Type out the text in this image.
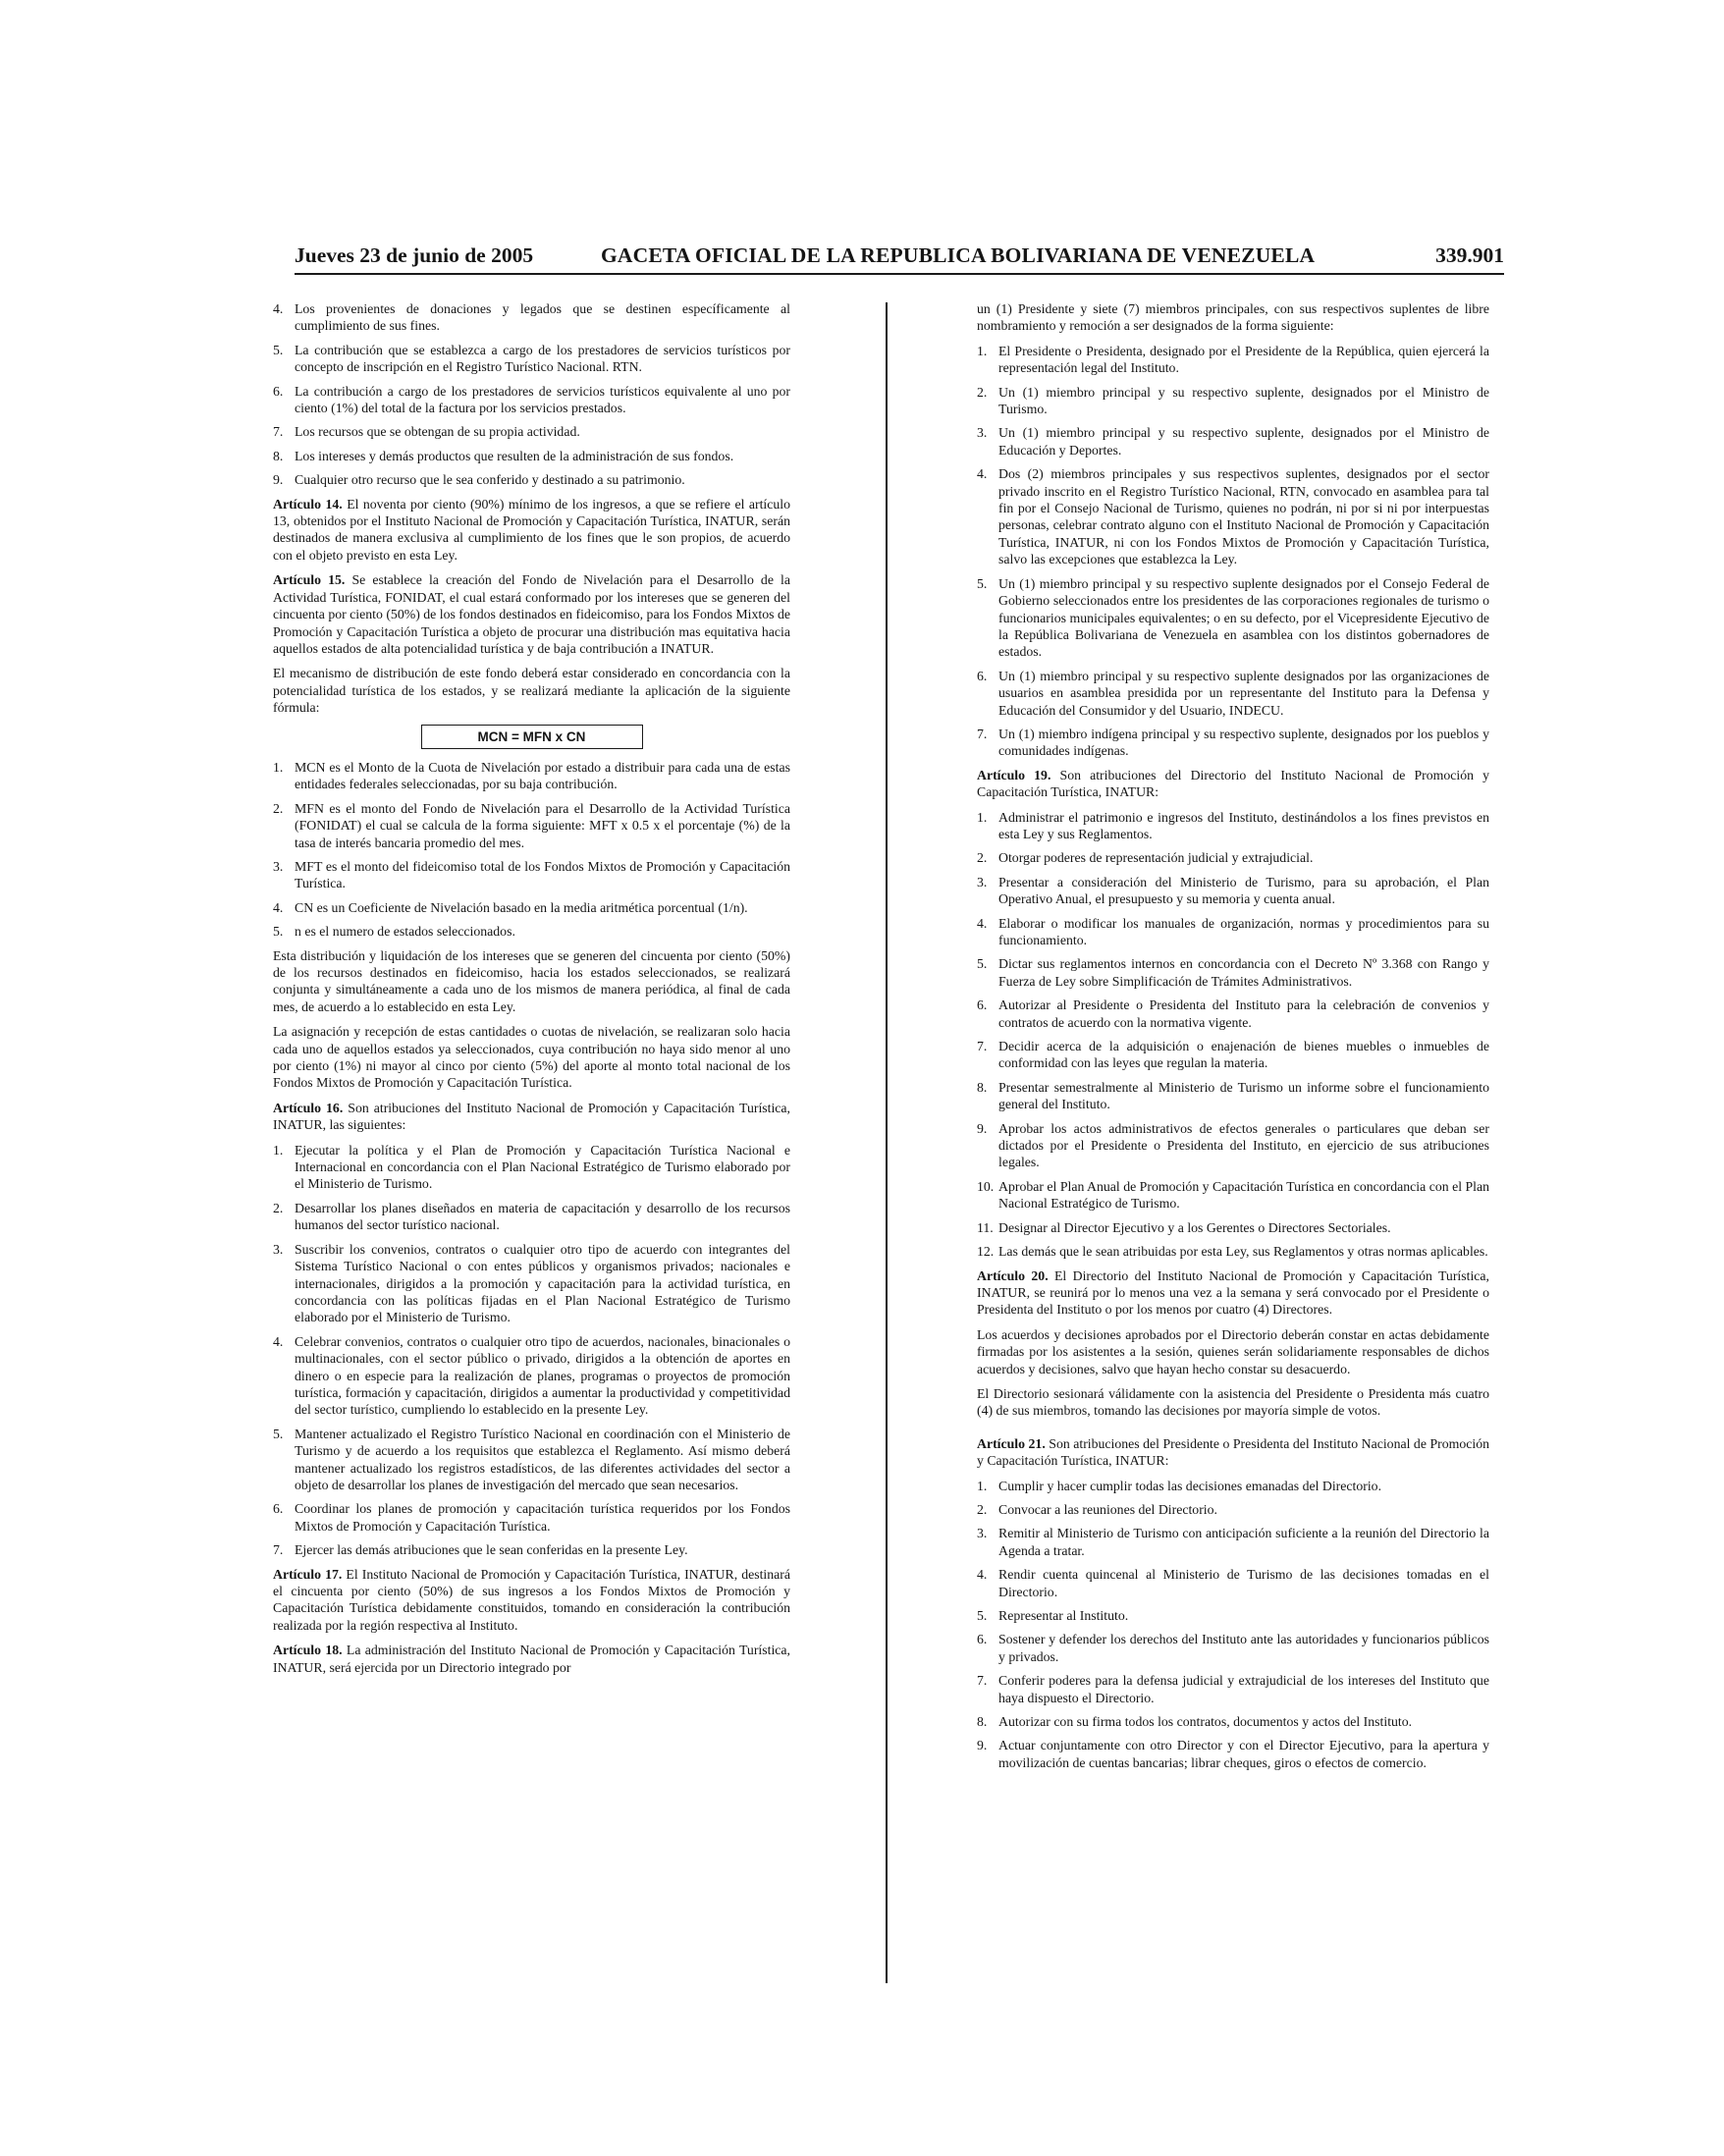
Jueves 23 de junio de 2005	GACETA OFICIAL DE LA REPUBLICA BOLIVARIANA DE VENEZUELA	339.901
4. Los provenientes de donaciones y legados que se destinen específicamente al cumplimiento de sus fines.
5. La contribución que se establezca a cargo de los prestadores de servicios turísticos por concepto de inscripción en el Registro Turístico Nacional. RTN.
6. La contribución a cargo de los prestadores de servicios turísticos equivalente al uno por ciento (1%) del total de la factura por los servicios prestados.
7. Los recursos que se obtengan de su propia actividad.
8. Los intereses y demás productos que resulten de la administración de sus fondos.
9. Cualquier otro recurso que le sea conferido y destinado a su patrimonio.

Artículo 14. El noventa por ciento (90%) mínimo de los ingresos, a que se refiere el artículo 13, obtenidos por el Instituto Nacional de Promoción y Capacitación Turística, INATUR, serán destinados de manera exclusiva al cumplimiento de los fines que le son propios, de acuerdo con el objeto previsto en esta Ley.

Artículo 15. Se establece la creación del Fondo de Nivelación para el Desarrollo de la Actividad Turística, FONIDAT, el cual estará conformado por los intereses que se generen del cincuenta por ciento (50%) de los fondos destinados en fideicomiso, para los Fondos Mixtos de Promoción y Capacitación Turística a objeto de procurar una distribución mas equitativa hacia aquellos estados de alta potencialidad turística y de baja contribución a INATUR.

El mecanismo de distribución de este fondo deberá estar considerado en concordancia con la potencialidad turística de los estados, y se realizará mediante la aplicación de la siguiente fórmula:

MCN = MFN x CN
1. MCN es el Monto de la Cuota de Nivelación por estado a distribuir para cada una de estas entidades federales seleccionadas, por su baja contribución.
2. MFN es el monto del Fondo de Nivelación para el Desarrollo de la Actividad Turística (FONIDAT) el cual se calcula de la forma siguiente: MFT x 0.5 x el porcentaje (%) de la tasa de interés bancaria promedio del mes.
3. MFT es el monto del fideicomiso total de los Fondos Mixtos de Promoción y Capacitación Turística.
4. CN es un Coeficiente de Nivelación basado en la media aritmética porcentual (1/n).
5. n es el numero de estados seleccionados.

Esta distribución y liquidación de los intereses que se generen del cincuenta por ciento (50%) de los recursos destinados en fideicomiso, hacia los estados seleccionados, se realizará conjunta y simultáneamente a cada uno de los mismos de manera periódica, al final de cada mes, de acuerdo a lo establecido en esta Ley.

La asignación y recepción de estas cantidades o cuotas de nivelación, se realizaran solo hacia cada uno de aquellos estados ya seleccionados, cuya contribución no haya sido menor al uno por ciento (1%) ni mayor al cinco por ciento (5%) del aporte al monto total nacional de los Fondos Mixtos de Promoción y Capacitación Turística.

Artículo 16. Son atribuciones del Instituto Nacional de Promoción y Capacitación Turística, INATUR, las siguientes:

1. Ejecutar la política y el Plan de Promoción y Capacitación Turística Nacional e Internacional en concordancia con el Plan Nacional Estratégico de Turismo elaborado por el Ministerio de Turismo.
2. Desarrollar los planes diseñados en materia de capacitación y desarrollo de los recursos humanos del sector turístico nacional.
3. Suscribir los convenios, contratos o cualquier otro tipo de acuerdo con integrantes del Sistema Turístico Nacional o con entes públicos y organismos privados; nacionales e internacionales, dirigidos a la promoción y capacitación para la actividad turística, en concordancia con las políticas fijadas en el Plan Nacional Estratégico de Turismo elaborado por el Ministerio de Turismo.
4. Celebrar convenios, contratos o cualquier otro tipo de acuerdos, nacionales, binacionales o multinacionales, con el sector público o privado, dirigidos a la obtención de aportes en dinero o en especie para la realización de planes, programas o proyectos de promoción turística, formación y capacitación, dirigidos a aumentar la productividad y competitividad del sector turístico, cumpliendo lo establecido en la presente Ley.
5. Mantener actualizado el Registro Turístico Nacional en coordinación con el Ministerio de Turismo y de acuerdo a los requisitos que establezca el Reglamento. Así mismo deberá mantener actualizado los registros estadísticos, de las diferentes actividades del sector a objeto de desarrollar los planes de investigación del mercado que sean necesarios.
6. Coordinar los planes de promoción y capacitación turística requeridos por los Fondos Mixtos de Promoción y Capacitación Turística.
7. Ejercer las demás atribuciones que le sean conferidas en la presente Ley.

Artículo 17. El Instituto Nacional de Promoción y Capacitación Turística, INATUR, destinará el cincuenta por ciento (50%) de sus ingresos a los Fondos Mixtos de Promoción y Capacitación Turística debidamente constituidos, tomando en consideración la contribución realizada por la región respectiva al Instituto.

Artículo 18. La administración del Instituto Nacional de Promoción y Capacitación Turística, INATUR, será ejercida por un Directorio integrado por

un (1) Presidente y siete (7) miembros principales, con sus respectivos suplentes de libre nombramiento y remoción a ser designados de la forma siguiente:

1. El Presidente o Presidenta, designado por el Presidente de la República, quien ejercerá la representación legal del Instituto.
2. Un (1) miembro principal y su respectivo suplente, designados por el Ministro de Turismo.
3. Un (1) miembro principal y su respectivo suplente, designados por el Ministro de Educación y Deportes.
4. Dos (2) miembros principales y sus respectivos suplentes, designados por el sector privado inscrito en el Registro Turístico Nacional, RTN, convocado en asamblea para tal fin por el Consejo Nacional de Turismo, quienes no podrán, ni por si ni por interpuestas personas, celebrar contrato alguno con el Instituto Nacional de Promoción y Capacitación Turística, INATUR, ni con los Fondos Mixtos de Promoción y Capacitación Turística, salvo las excepciones que establezca la Ley.
5. Un (1) miembro principal y su respectivo suplente designados por el Consejo Federal de Gobierno seleccionados entre los presidentes de las corporaciones regionales de turismo o funcionarios municipales equivalentes; o en su defecto, por el Vicepresidente Ejecutivo de la República Bolivariana de Venezuela en asamblea con los distintos gobernadores de estados.
6. Un (1) miembro principal y su respectivo suplente designados por las organizaciones de usuarios en asamblea presidida por un representante del Instituto para la Defensa y Educación del Consumidor y del Usuario, INDECU.
7. Un (1) miembro indígena principal y su respectivo suplente, designados por los pueblos y comunidades indígenas.

Artículo 19. Son atribuciones del Directorio del Instituto Nacional de Promoción y Capacitación Turística, INATUR:

1. Administrar el patrimonio e ingresos del Instituto, destinándolos a los fines previstos en esta Ley y sus Reglamentos.
2. Otorgar poderes de representación judicial y extrajudicial.
3. Presentar a consideración del Ministerio de Turismo, para su aprobación, el Plan Operativo Anual, el presupuesto y su memoria y cuenta anual.
4. Elaborar o modificar los manuales de organización, normas y procedimientos para su funcionamiento.
5. Dictar sus reglamentos internos en concordancia con el Decreto Nº 3.368 con Rango y Fuerza de Ley sobre Simplificación de Trámites Administrativos.
6. Autorizar al Presidente o Presidenta del Instituto para la celebración de convenios y contratos de acuerdo con la normativa vigente.
7. Decidir acerca de la adquisición o enajenación de bienes muebles o inmuebles de conformidad con las leyes que regulan la materia.
8. Presentar semestralmente al Ministerio de Turismo un informe sobre el funcionamiento general del Instituto.
9. Aprobar los actos administrativos de efectos generales o particulares que deban ser dictados por el Presidente o Presidenta del Instituto, en ejercicio de sus atribuciones legales.
10. Aprobar el Plan Anual de Promoción y Capacitación Turística en concordancia con el Plan Nacional Estratégico de Turismo.
11. Designar al Director Ejecutivo y a los Gerentes o Directores Sectoriales.
12. Las demás que le sean atribuidas por esta Ley, sus Reglamentos y otras normas aplicables.

Artículo 20. El Directorio del Instituto Nacional de Promoción y Capacitación Turística, INATUR, se reunirá por lo menos una vez a la semana y será convocado por el Presidente o Presidenta del Instituto o por los menos por cuatro (4) Directores.

Los acuerdos y decisiones aprobados por el Directorio deberán constar en actas debidamente firmadas por los asistentes a la sesión, quienes serán solidariamente responsables de dichos acuerdos y decisiones, salvo que hayan hecho constar su desacuerdo.

El Directorio sesionará válidamente con la asistencia del Presidente o Presidenta más cuatro (4) de sus miembros, tomando las decisiones por mayoría simple de votos.

Artículo 21. Son atribuciones del Presidente o Presidenta del Instituto Nacional de Promoción y Capacitación Turística, INATUR:

1. Cumplir y hacer cumplir todas las decisiones emanadas del Directorio.
2. Convocar a las reuniones del Directorio.
3. Remitir al Ministerio de Turismo con anticipación suficiente a la reunión del Directorio la Agenda a tratar.
4. Rendir cuenta quincenal al Ministerio de Turismo de las decisiones tomadas en el Directorio.
5. Representar al Instituto.
6. Sostener y defender los derechos del Instituto ante las autoridades y funcionarios públicos y privados.
7. Conferir poderes para la defensa judicial y extrajudicial de los intereses del Instituto que haya dispuesto el Directorio.
8. Autorizar con su firma todos los contratos, documentos y actos del Instituto.
9. Actuar conjuntamente con otro Director y con el Director Ejecutivo, para la apertura y movilización de cuentas bancarias; librar cheques, giros o efectos de comercio.
